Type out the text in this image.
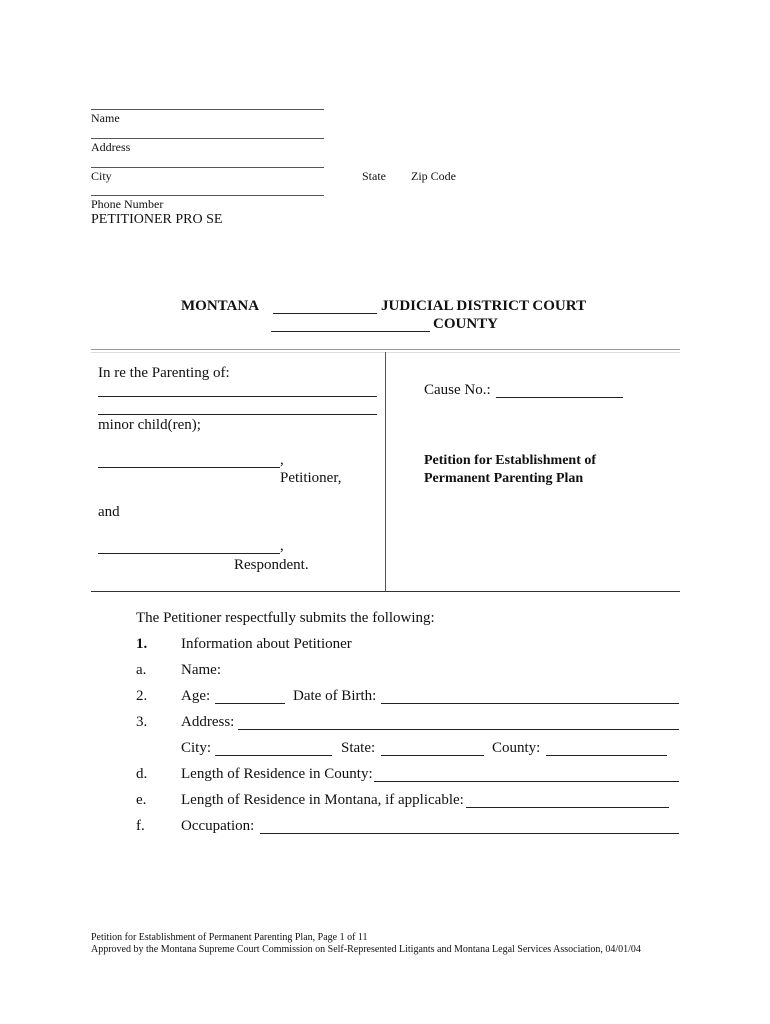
Name
Address
City	State Zip Code
Phone Number
PETITIONER PRO SE
MONTANA	JUDICIAL DISTRICT COURT
COUNTY
In re the Parenting of:
minor child(ren);
,
Petitioner,
and
,
Respondent.
Cause No.:
Petition for Establishment of
Permanent Parenting Plan
The Petitioner respectfully submits the following:
1. Information about Petitioner
a. Name:
2. Age:	Date of Birth:
3. Address:
City:	State:	County:
d. Length of Residence in County:
e. Length of Residence in Montana, if applicable:
f. Occupation:
Petition for Establishment of Permanent Parenting Plan, Page 1 of 11
Approved by the Montana Supreme Court Commission on Self-Represented Litigants and Montana Legal Services Association, 04/01/04
